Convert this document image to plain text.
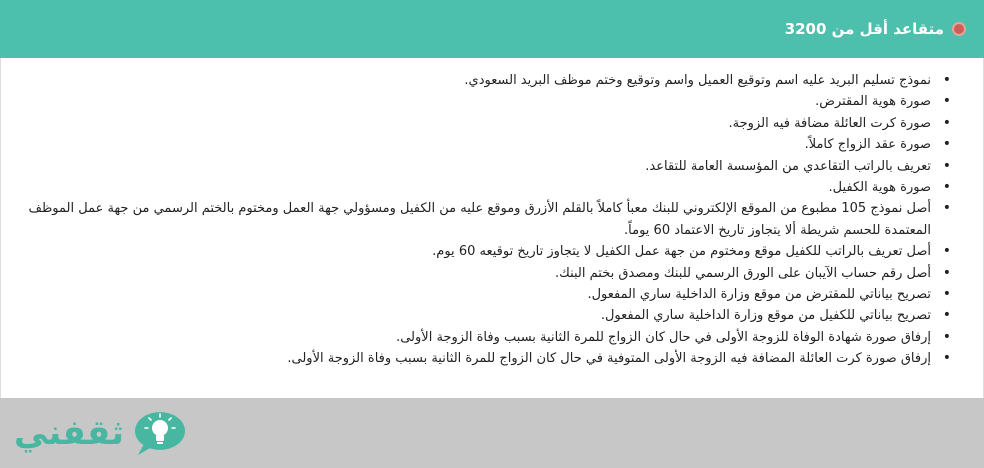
متقاعد أقل من 3200
• نموذج تسليم البريد عليه اسم وتوقيع العميل واسم وتوقيع وختم موظف البريد السعودي.
• صورة هوية المقترض.
• صورة كرت العائلة مضافة فيه الزوجة.
• صورة عقد الزواج كاملاً.
• تعريف بالراتب التقاعدي من المؤسسة العامة للتقاعد.
• صورة هوية الكفيل.
• أصل نموذج 105 مطبوع من الموقع الإلكتروني للبنك معبأ كاملاً بالقلم الأزرق وموقع عليه من الكفيل ومسؤولي جهة العمل ومختوم بالختم الرسمي من جهة عمل الموظف المعتمدة للحسم شريطة ألا يتجاوز تاريخ الاعتماد 60 يوماً.
• أصل تعريف بالراتب للكفيل موقع ومختوم من جهة عمل الكفيل لا يتجاوز تاريخ توقيعه 60 يوم.
• أصل رقم حساب الآيبان على الورق الرسمي للبنك ومصدق بختم البنك.
• تصريح بياناتي للمقترض من موقع وزارة الداخلية ساري المفعول.
• تصريح بياناتي للكفيل من موقع وزارة الداخلية ساري المفعول.
• إرفاق صورة شهادة الوفاة للزوجة الأولى في حال كان الزواج للمرة الثانية بسبب وفاة الزوجة الأولى.
• إرفاق صورة كرت العائلة المضافة فيه الزوجة الأولى المتوفية في حال كان الزواج للمرة الثانية بسبب وفاة الزوجة الأولى.
ثقفني
